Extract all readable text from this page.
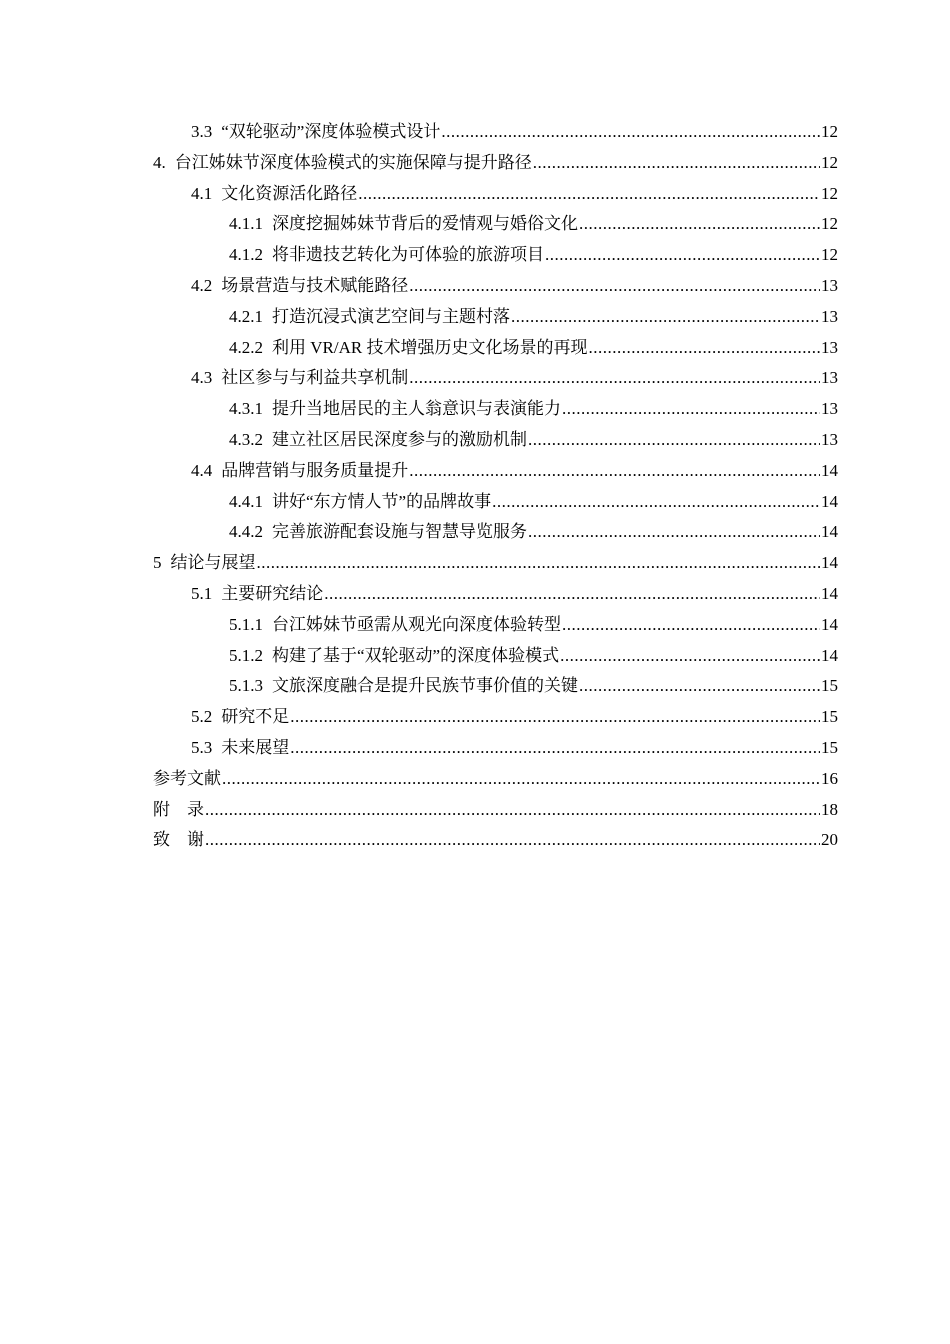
3.3 “双轮驱动”深度体验模式设计 .....	12
4. 台江姊妹节深度体验模式的实施保障与提升路径 .....	12
4.1 文化资源活化路径 .....	12
4.1.1 深度挖掘姊妹节背后的爱情观与婚俗文化 .....	12
4.1.2 将非遗技艺转化为可体验的旅游项目 .....	12
4.2 场景营造与技术赋能路径 .....	13
4.2.1 打造沉浸式演艺空间与主题村落 .....	13
4.2.2 利用 VR/AR 技术增强历史文化场景的再现 .....	13
4.3 社区参与与利益共享机制 .....	13
4.3.1 提升当地居民的主人翁意识与表演能力 .....	13
4.3.2 建立社区居民深度参与的激励机制 .....	13
4.4 品牌营销与服务质量提升 .....	14
4.4.1 讲好“东方情人节”的品牌故事 .....	14
4.4.2 完善旅游配套设施与智慧导览服务 .....	14
5 结论与展望 .....	14
5.1 主要研究结论 .....	14
5.1.1 台江姊妹节亟需从观光向深度体验转型 .....	14
5.1.2 构建了基于“双轮驱动”的深度体验模式 .....	14
5.1.3 文旅深度融合是提升民族节事价值的关键 .....	15
5.2 研究不足 .....	15
5.3 未来展望 .....	15
参考文献 .....	16
附　录 .....	18
致　谢 .....	20
